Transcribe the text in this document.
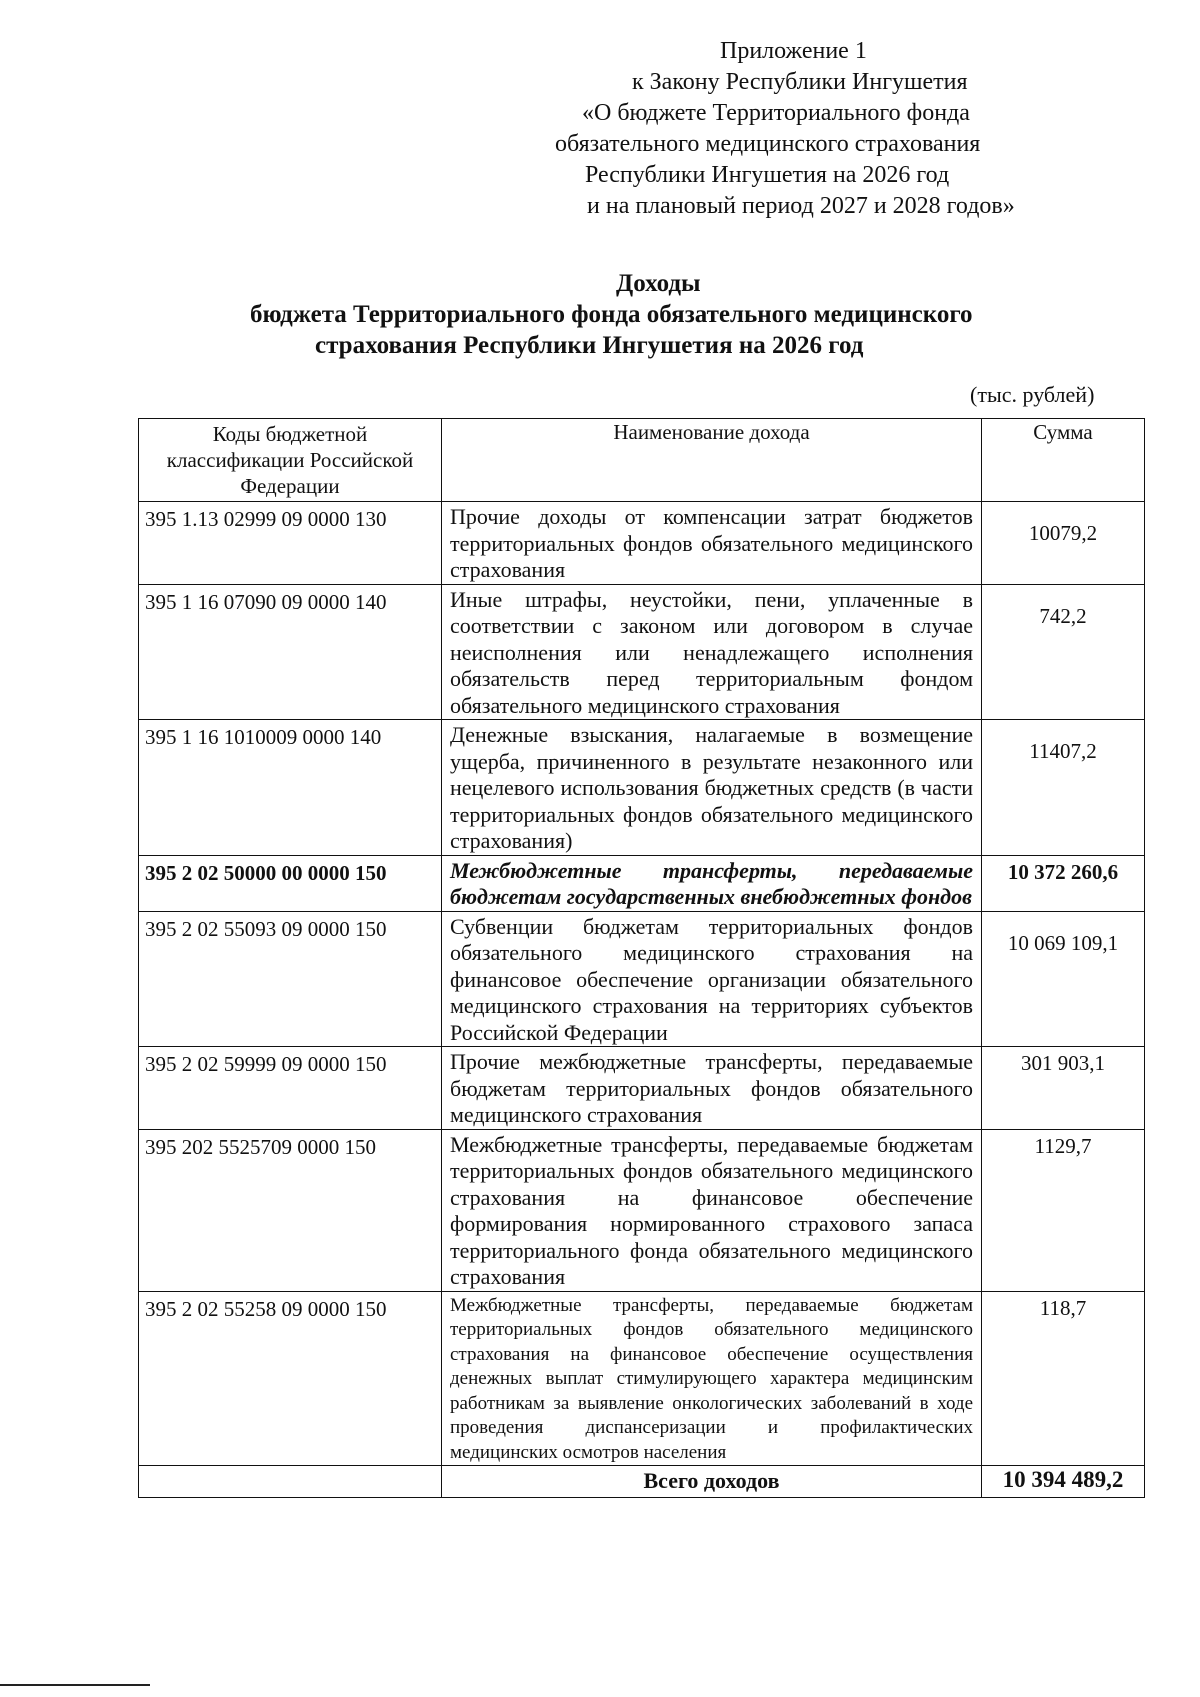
Приложение 1
к Закону Республики Ингушетия
«О бюджете Территориального фонда
обязательного медицинского страхования
Республики Ингушетия на 2026 год
и на плановый период 2027 и 2028 годов»
Доходы
бюджета Территориального фонда обязательного медицинского
страхования Республики Ингушетия на 2026 год
(тыс. рублей)
Коды бюджетной классификации Российской Федерации	Наименование дохода	Сумма
395 1.13 02999 09 0000 130	Прочие доходы от компенсации затрат бюджетов территориальных фондов обязательного медицинского страхования	10079,2
395 1 16 07090 09 0000 140	Иные штрафы, неустойки, пени, уплаченные в соответствии с законом или договором в случае неисполнения или ненадлежащего исполнения обязательств перед территориальным фондом обязательного медицинского страхования	742,2
395 1 16 1010009 0000 140	Денежные взыскания, налагаемые в возмещение ущерба, причиненного в результате незаконного или нецелевого использования бюджетных средств (в части территориальных фондов обязательного медицинского страхования)	11407,2
395 2 02 50000 00 0000 150	Межбюджетные трансферты, передаваемые бюджетам государственных внебюджетных фондов	10 372 260,6
395 2 02 55093 09 0000 150	Субвенции бюджетам территориальных фондов обязательного медицинского страхования на финансовое обеспечение организации обязательного медицинского страхования на территориях субъектов Российской Федерации	10 069 109,1
395 2 02 59999 09 0000 150	Прочие межбюджетные трансферты, передаваемые бюджетам территориальных фондов обязательного медицинского страхования	301 903,1
395 202 5525709 0000 150	Межбюджетные трансферты, передаваемые бюджетам территориальных фондов обязательного медицинского страхования на финансовое обеспечение формирования нормированного страхового запаса территориального фонда обязательного медицинского страхования	1129,7
395 2 02 55258 09 0000 150	Межбюджетные трансферты, передаваемые бюджетам территориальных фондов обязательного медицинского страхования на финансовое обеспечение осуществления денежных выплат стимулирующего характера медицинским работникам за выявление онкологических заболеваний в ходе проведения диспансеризации и профилактических медицинских осмотров населения	118,7
	Всего доходов	10 394 489,2
